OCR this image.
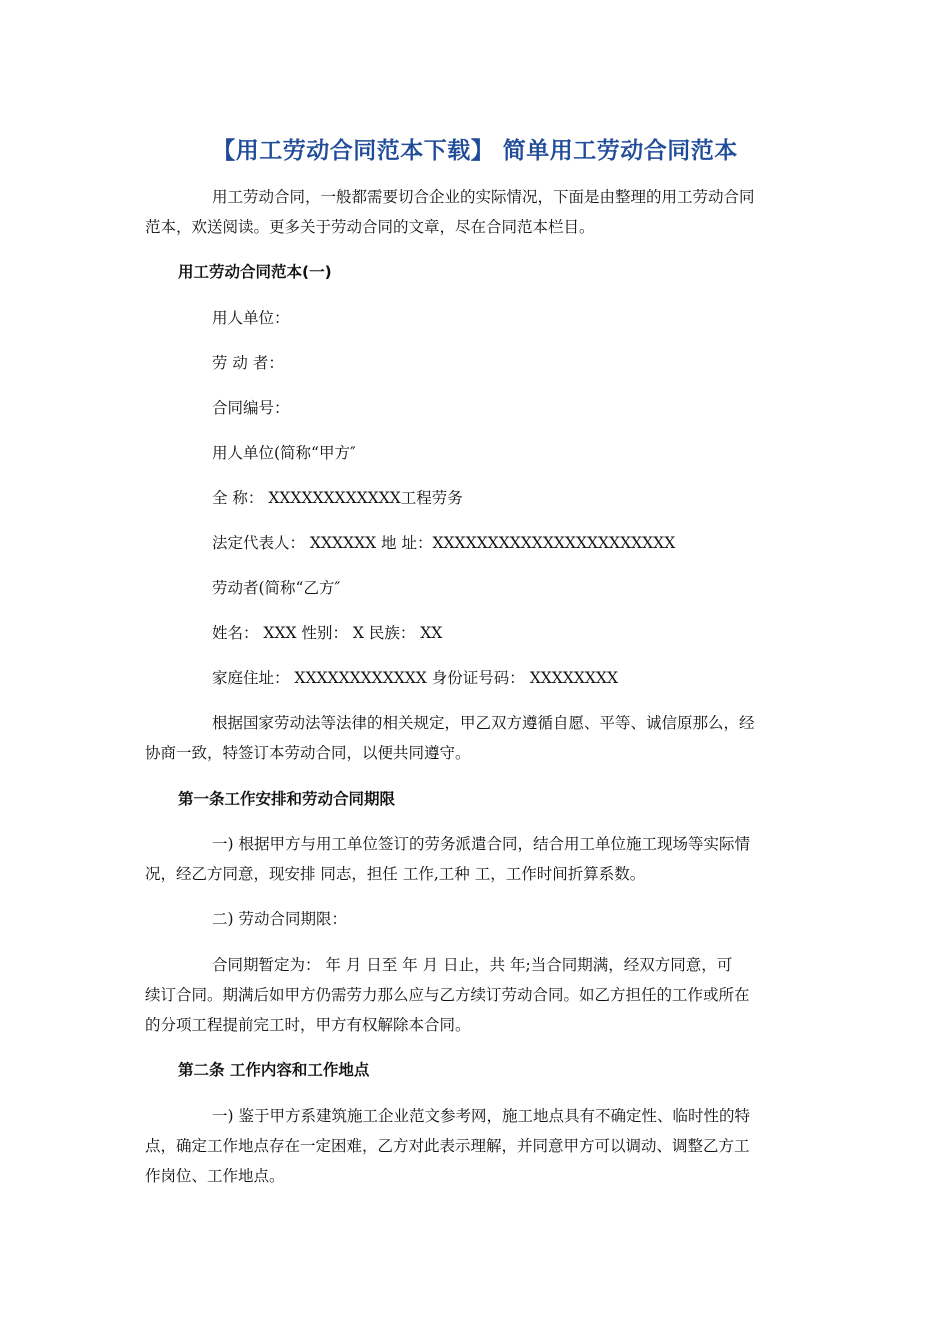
【用工劳动合同范本下载】 简单用工劳动合同范本
用工劳动合同，一般都需要切合企业的实际情况，下面是由整理的用工劳动合同
范本，欢送阅读。更多关于劳动合同的文章，尽在合同范本栏目。
用工劳动合同范本(一)
用人单位：
劳 动 者：
合同编号：
用人单位(简称“甲方″
全 称： XXXXXXXXXXXX工程劳务
法定代表人： XXXXXX 地 址：XXXXXXXXXXXXXXXXXXXXXX
劳动者(简称“乙方″
姓名： XXX 性别： X 民族： XX
家庭住址： XXXXXXXXXXXX 身份证号码： XXXXXXXX
根据国家劳动法等法律的相关规定，甲乙双方遵循自愿、平等、诚信原那么，经
协商一致，特签订本劳动合同，以便共同遵守。
第一条工作安排和劳动合同期限
一) 根据甲方与用工单位签订的劳务派遣合同，结合用工单位施工现场等实际情
况，经乙方同意，现安排 同志，担任 工作,工种 工，工作时间折算系数。
二) 劳动合同期限：
合同期暂定为： 年 月 日至 年 月 日止，共 年;当合同期满，经双方同意，可
续订合同。期满后如甲方仍需劳力那么应与乙方续订劳动合同。如乙方担任的工作或所在
的分项工程提前完工时，甲方有权解除本合同。
第二条 工作内容和工作地点
一) 鉴于甲方系建筑施工企业范文参考网，施工地点具有不确定性、临时性的特
点，确定工作地点存在一定困难，乙方对此表示理解，并同意甲方可以调动、调整乙方工
作岗位、工作地点。
